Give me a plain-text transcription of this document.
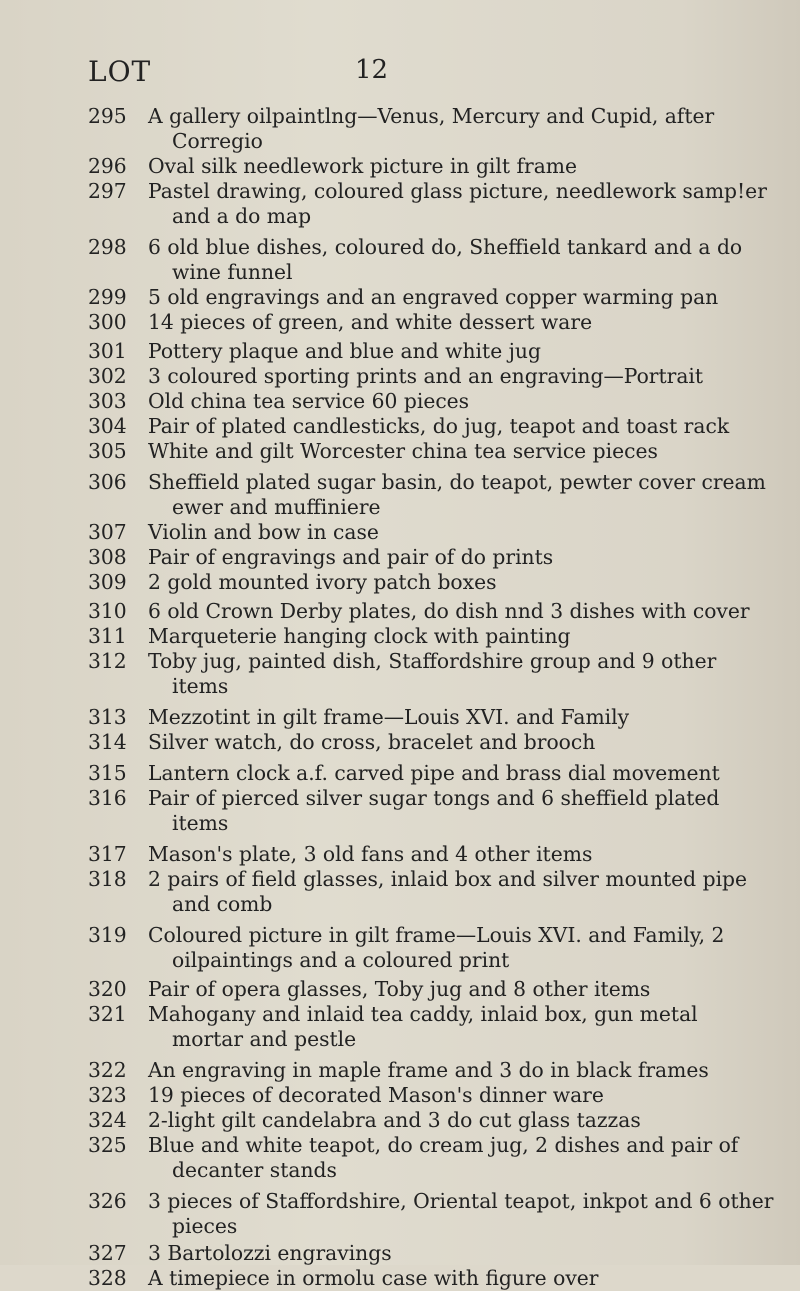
LOT	12
295	A gallery oilpaintlng—Venus, Mercury and Cupid, after
Corregio
296	Oval silk needlework picture in gilt frame
297	Pastel drawing, coloured glass picture, needlework samp!er
and a do map
298	6 old blue dishes, coloured do, Sheffield tankard and a do
wine funnel
299	5 old engravings and an engraved copper warming pan
300	14 pieces of green, and white dessert ware
301	Pottery plaque and blue and white jug
302	3 coloured sporting prints and an engraving—Portrait
303	Old china tea service 60 pieces
304	Pair of plated candlesticks, do jug, teapot and toast rack
305	White and gilt Worcester china tea service pieces
306	Sheffield plated sugar basin, do teapot, pewter cover cream
ewer and muffiniere
307	Violin and bow in case
308	Pair of engravings and pair of do prints
309	2 gold mounted ivory patch boxes
310	6 old Crown Derby plates, do dish nnd 3 dishes with cover
311	Marqueterie hanging clock with painting
312	Toby jug, painted dish, Staffordshire group and 9 other
items
313	Mezzotint in gilt frame—Louis XVI. and Family
314	Silver watch, do cross, bracelet and brooch
315	Lantern clock a.f. carved pipe and brass dial movement
316	Pair of pierced silver sugar tongs and 6 sheffield plated
items
317	Mason's plate, 3 old fans and 4 other items
318	2 pairs of field glasses, inlaid box and silver mounted pipe
and comb
319	Coloured picture in gilt frame—Louis XVI. and Family, 2
oilpaintings and a coloured print
320	Pair of opera glasses, Toby jug and 8 other items
321	Mahogany and inlaid tea caddy, inlaid box, gun metal
mortar and pestle
322	An engraving in maple frame and 3 do in black frames
323	19 pieces of decorated Mason's dinner ware
324	2-light gilt candelabra and 3 do cut glass tazzas
325	Blue and white teapot, do cream jug, 2 dishes and pair of
decanter stands
326	3 pieces of Staffordshire, Oriental teapot, inkpot and 6 other
pieces
327	3 Bartolozzi engravings
328	A timepiece in ormolu case with figure over
